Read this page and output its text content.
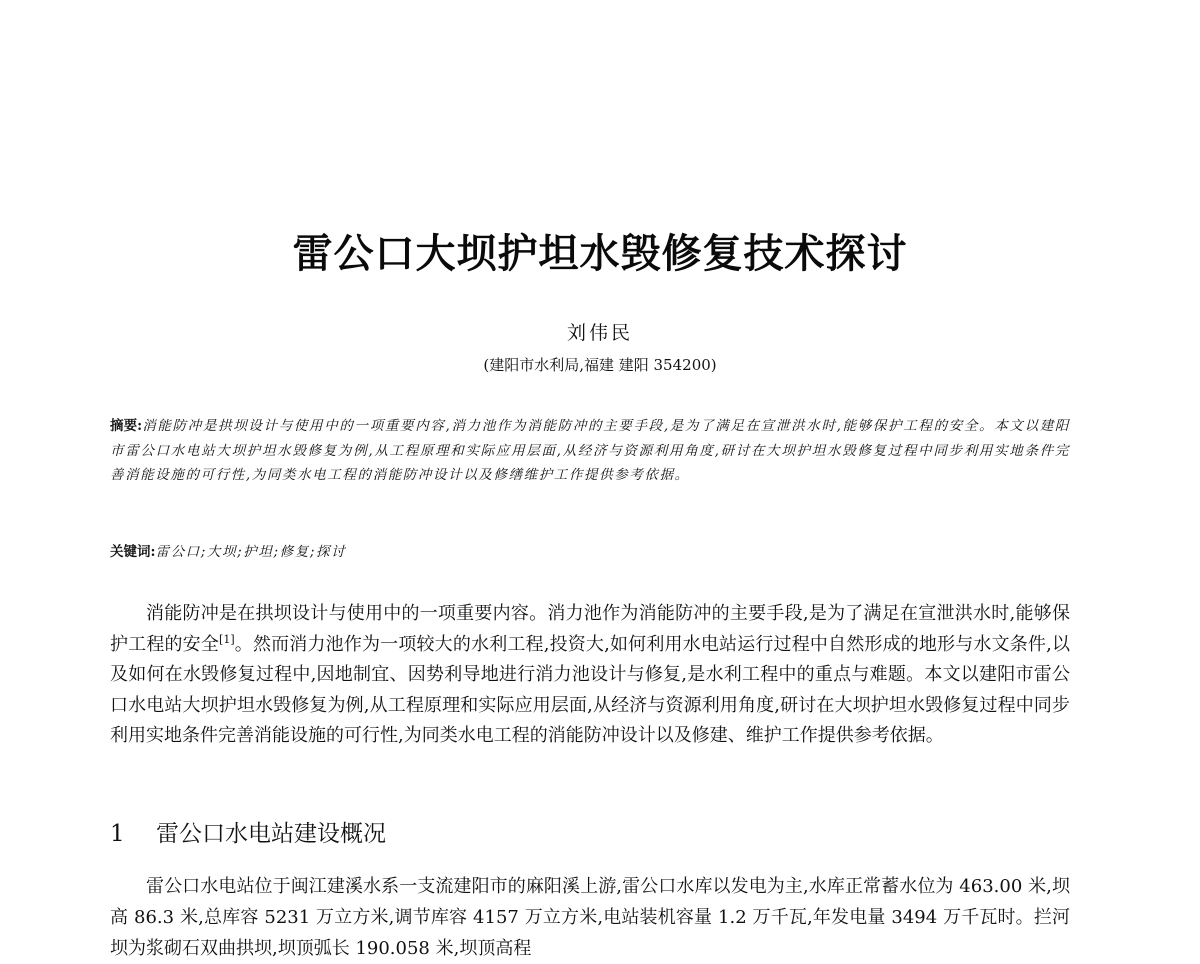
雷公口大坝护坦水毁修复技术探讨
刘伟民
(建阳市水利局,福建 建阳 354200)
摘要:消能防冲是拱坝设计与使用中的一项重要内容,消力池作为消能防冲的主要手段,是为了满足在宣泄洪水时,能够保护工程的安全。本文以建阳市雷公口水电站大坝护坦水毁修复为例,从工程原理和实际应用层面,从经济与资源利用角度,研讨在大坝护坦水毁修复过程中同步利用实地条件完善消能设施的可行性,为同类水电工程的消能防冲设计以及修缮维护工作提供参考依据。
关键词:雷公口;大坝;护坦;修复;探讨
消能防冲是在拱坝设计与使用中的一项重要内容。消力池作为消能防冲的主要手段,是为了满足在宣泄洪水时,能够保护工程的安全[1]。然而消力池作为一项较大的水利工程,投资大,如何利用水电站运行过程中自然形成的地形与水文条件,以及如何在水毁修复过程中,因地制宜、因势利导地进行消力池设计与修复,是水利工程中的重点与难题。本文以建阳市雷公口水电站大坝护坦水毁修复为例,从工程原理和实际应用层面,从经济与资源利用角度,研讨在大坝护坦水毁修复过程中同步利用实地条件完善消能设施的可行性,为同类水电工程的消能防冲设计以及修建、维护工作提供参考依据。
1 雷公口水电站建设概况
雷公口水电站位于闽江建溪水系一支流建阳市的麻阳溪上游,雷公口水库以发电为主,水库正常蓄水位为 463.00 米,坝高 86.3 米,总库容 5231 万立方米,调节库容 4157 万立方米,电站装机容量 1.2 万千瓦,年发电量 3494 万千瓦时。拦河坝为浆砌石双曲拱坝,坝顶弧长 190.058 米,坝顶高程
